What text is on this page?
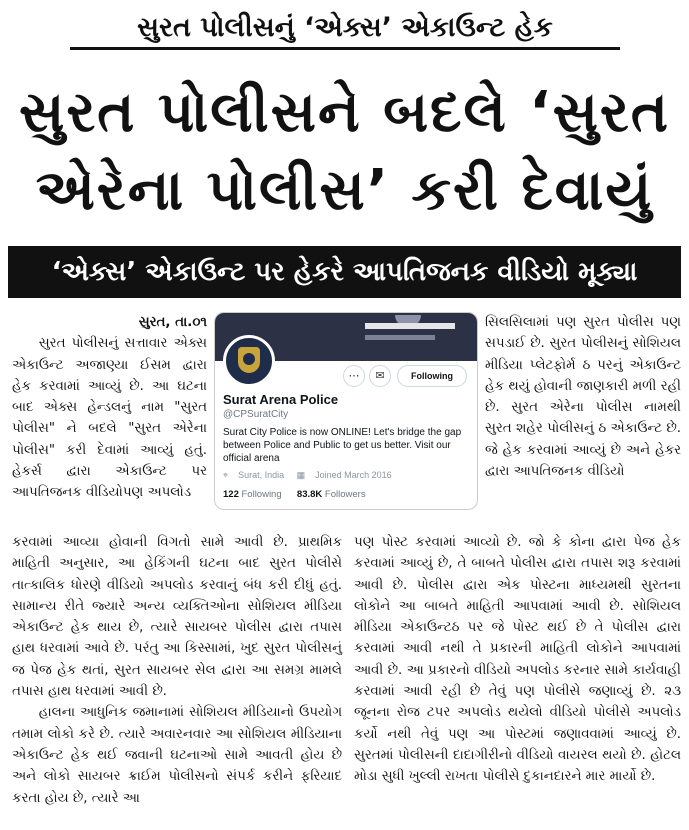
સુરત પોલીસનું ‘એક્સ’ એકાઉન્ટ હેક
સુરત પોલીસને બદલે ‘સુરત
એરેના પોલીસ’ કરી દેવાયું
‘એક્સ’ એકાઉન્ટ પર હેકરે આપતિજનક વીડિયો મૂક્યા

સુરત, તા.૦૧

સુરત પોલીસનું સત્તાવાર એક્સ એકાઉન્ટ અજાણ્યા ઈસમ દ્વારા હેક કરવામાં આવ્યું છે. આ ઘટના બાદ એક્સ હેન્ડલનું નામ "સુરત પોલીસ" ને બદલે "સુરત એરેના પોલીસ" કરી દેવામાં આવ્યું હતું. હેકર્સ દ્વારા એકાઉન્ટ પર આપતિજનક વીડિયોપણ અપલોડ

⋯	✉	Following
Surat Arena Police
@CPSuratCity
Surat City Police is now ONLINE! Let's bridge the gap between Police and Public to get us better. Visit our official arena
⌖ Surat, India ▦ Joined March 2016
122 Following 83.8K Followers

સિલસિલામાં પણ સુરત પોલીસ પણ સપડાઈ છે. સુરત પોલીસનું સોશિયલ મીડિયા પ્લેટફોર્મ ઠ પરનું એકાઉન્ટ હેક થયું હોવાની જાણકારી મળી રહી છે. સુરત એરેના પોલીસ નામથી સુરત શહેર પોલીસનું ઠ એકાઉન્ટ છે. જે હેક કરવામાં આવ્યું છે અને હેકર દ્વારા આપતિજનક વીડિયો

કરવામાં આવ્યા હોવાની વિગતો સામે આવી છે. પ્રાથમિક માહિતી અનુસાર, આ હેકિંગની ઘટના બાદ સુરત પોલીસે તાત્કાલિક ધોરણે વીડિયો અપલોડ કરવાનું બંધ કરી દીધું હતું. સામાન્ય રીતે જ્યારે અન્ય વ્યક્તિઓના સોશિયલ મીડિયા એકાઉન્ટ હેક થાય છે, ત્યારે સાયબર પોલીસ દ્વારા તપાસ હાથ ધરવામાં આવે છે. પરંતુ આ કિસ્સામાં, ખુદ સુરત પોલીસનું જ પેજ હેક થતાં, સુરત સાયબર સેલ દ્વારા આ સમગ્ર મામલે તપાસ હાથ ધરવામાં આવી છે.

હાલના આધુનિક જમાનામાં સોશિયલ મીડિયાનો ઉપયોગ તમામ લોકો કરે છે. ત્યારે અવારનવાર આ સોશિયલ મીડિયાના એકાઉન્ટ હેક થઈ જવાની ઘટનાઓ સામે આવતી હોય છે અને લોકો સાયબર ક્રાઈમ પોલીસનો સંપર્ક કરીને ફરિયાદ કરતા હોય છે, ત્યારે આ

પણ પોસ્ટ કરવામાં આવ્યો છે. જો કે કોના દ્વારા પેજ હેક કરવામાં આવ્યું છે, તે બાબતે પોલીસ દ્વારા તપાસ શરૂ કરવામાં આવી છે. પોલીસ દ્વારા એક પોસ્ટના માધ્યમથી સુરતના લોકોને આ બાબતે માહિતી આપવામાં આવી છે. સોશિયલ મીડિયા એકાઉન્ટઠ પર જે પોસ્ટ થઈ છે તે પોલીસ દ્વારા કરવામાં આવી નથી તે પ્રકારની માહિતી લોકોને આપવામાં આવી છે. આ પ્રકારનો વીડિયો અપલોડ કરનાર સામે કાર્યવાહી કરવામાં આવી રહી છે તેવું પણ પોલીસે જણાવ્યું છે. ૨૩ જૂનના રોજ ટપર અપલોડ થયેલો વીડિયો પોલીસે અપલોડ કર્યો નથી તેવું પણ આ પોસ્ટમાં જણાવવામાં આવ્યું છે. સુરતમાં પોલીસની દાદાગીરીનો વીડિયો વાયરલ થયો છે. હોટલ મોડા સુધી ખુલ્લી રાખતા પોલીસે દુકાનદારને માર માર્યો છે.
